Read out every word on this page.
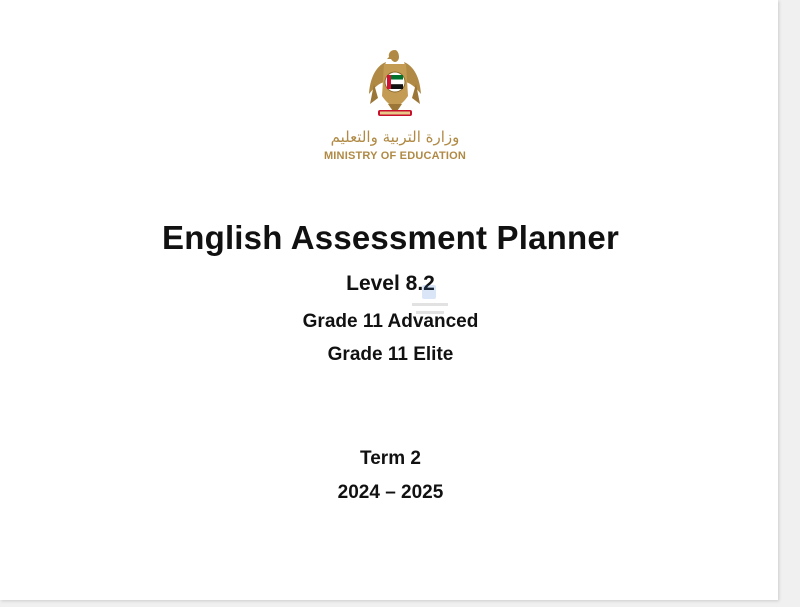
وزارة التربية والتعليم
MINISTRY OF EDUCATION
English Assessment Planner
Level 8.2
Grade 11 Advanced
Grade 11 Elite
Term 2
2024 – 2025
